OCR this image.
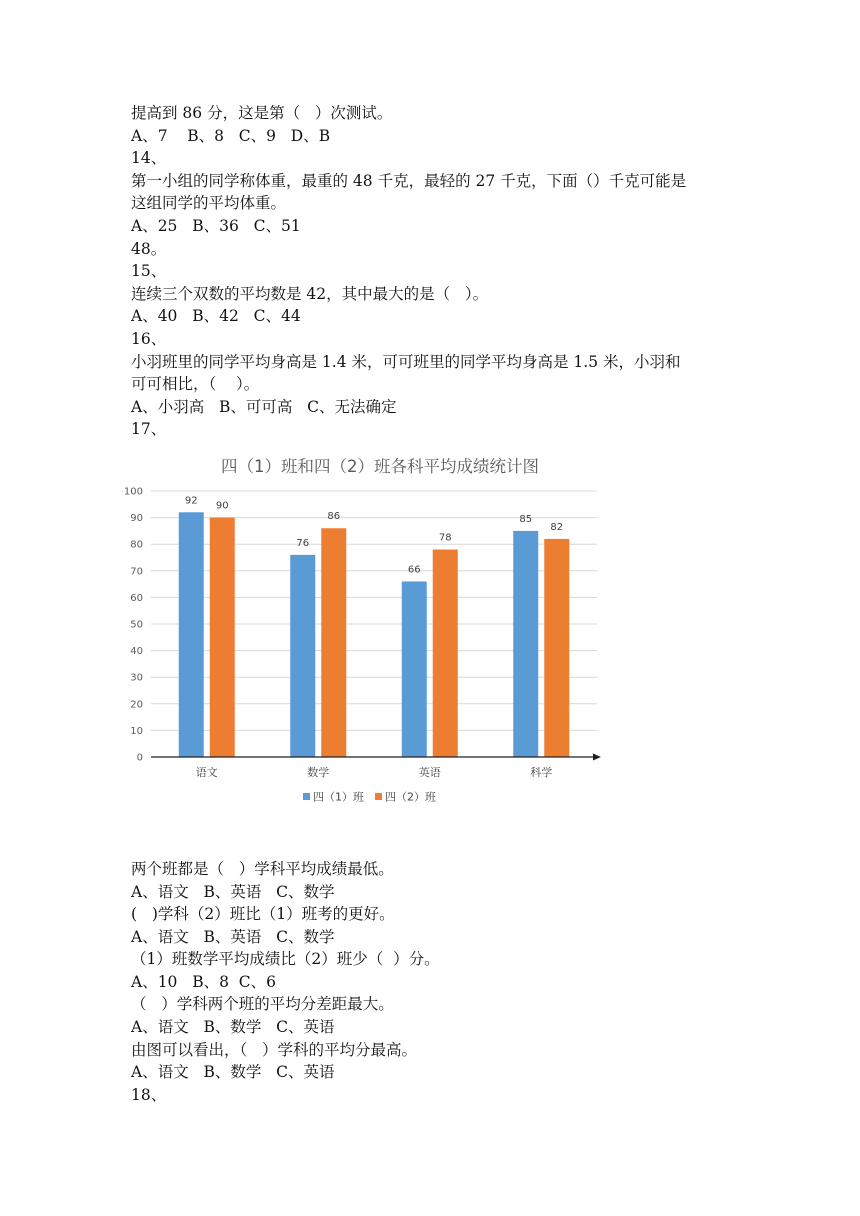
提高到 86 分，这是第（   ）次测试。
A、7    B、8   C、9   D、B
14、
第一小组的同学称体重，最重的 48 千克，最轻的 27 千克，下面（）千克可能是
这组同学的平均体重。
A、25   B、36   C、51
48。
15、
连续三个双数的平均数是 42，其中最大的是（   ）。
A、40   B、42   C、44
16、
小羽班里的同学平均身高是 1.4 米，可可班里的同学平均身高是 1.5 米，小羽和
可可相比，（    ）。
A、小羽高   B、可可高   C、无法确定
17、
四（1）班和四（2）班各科平均成绩统计图
0
10
20
30
40
50
60
70
80
90
100
92 90
76
86
66
78
85
82
语文	数学	英语	科学
四（1）班 四（2）班
两个班都是（   ）学科平均成绩最低。
A、语文   B、英语   C、数学
(   )学科（2）班比（1）班考的更好。
A、语文   B、英语   C、数学
（1）班数学平均成绩比（2）班少（  ）分。
A、10   B、8  C、6
（   ）学科两个班的平均分差距最大。
A、语文   B、数学   C、英语
由图可以看出，（   ）学科的平均分最高。
A、语文   B、数学   C、英语
18、
